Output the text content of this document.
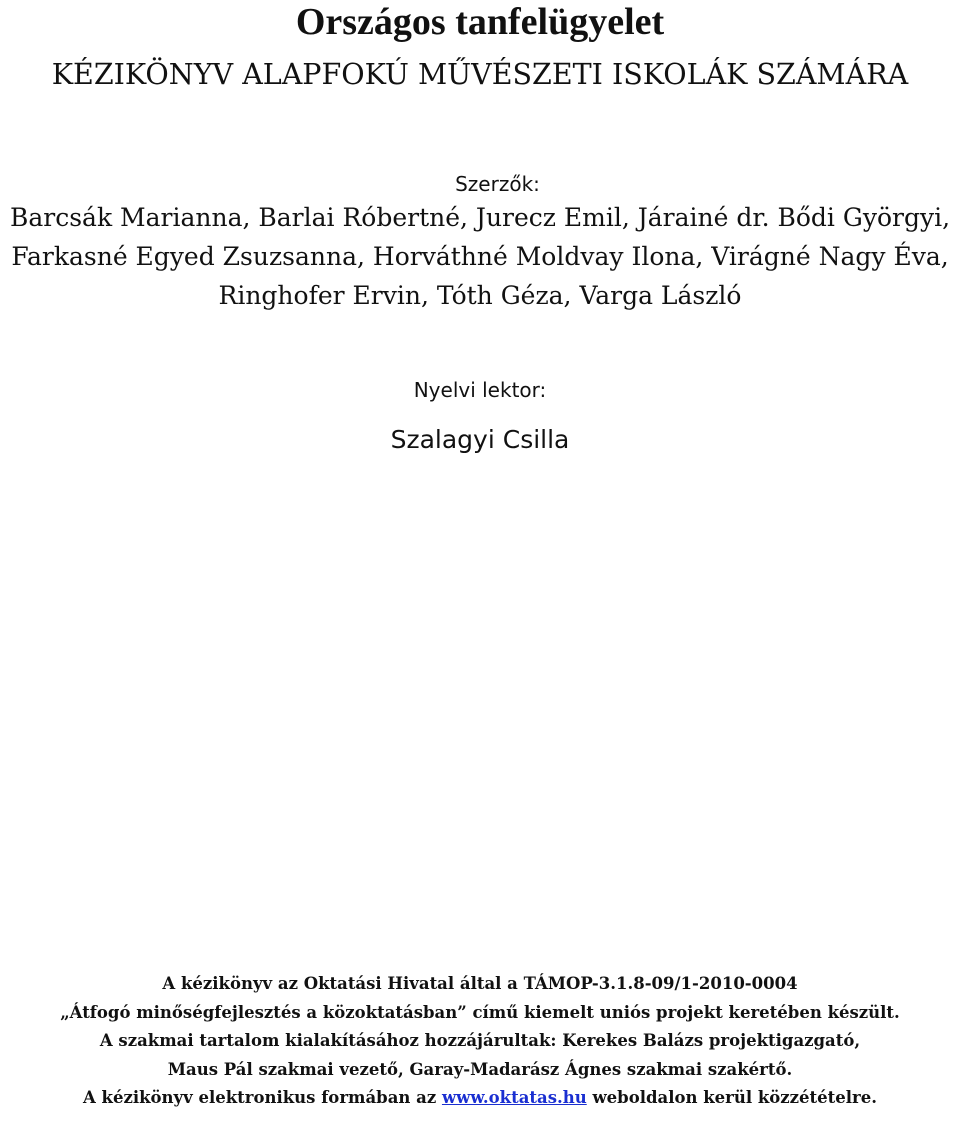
Országos tanfelügyelet
KÉZIKÖNYV ALAPFOKÚ MŰVÉSZETI ISKOLÁK SZÁMÁRA
Szerzők:
Barcsák Marianna, Barlai Róbertné, Jurecz Emil, Járainé dr. Bődi Györgyi,
Farkasné Egyed Zsuzsanna, Horváthné Moldvay Ilona, Virágné Nagy Éva,
Ringhofer Ervin, Tóth Géza, Varga László
Nyelvi lektor:
Szalagyi Csilla
A kézikönyv az Oktatási Hivatal által a TÁMOP-3.1.8-09/1-2010-0004
„Átfogó minőségfejlesztés a közoktatásban” című kiemelt uniós projekt keretében készült.
A szakmai tartalom kialakításához hozzájárultak: Kerekes Balázs projektigazgató,
Maus Pál szakmai vezető, Garay-Madarász Ágnes szakmai szakértő.
A kézikönyv elektronikus formában az www.oktatas.hu weboldalon kerül közzétételre.
